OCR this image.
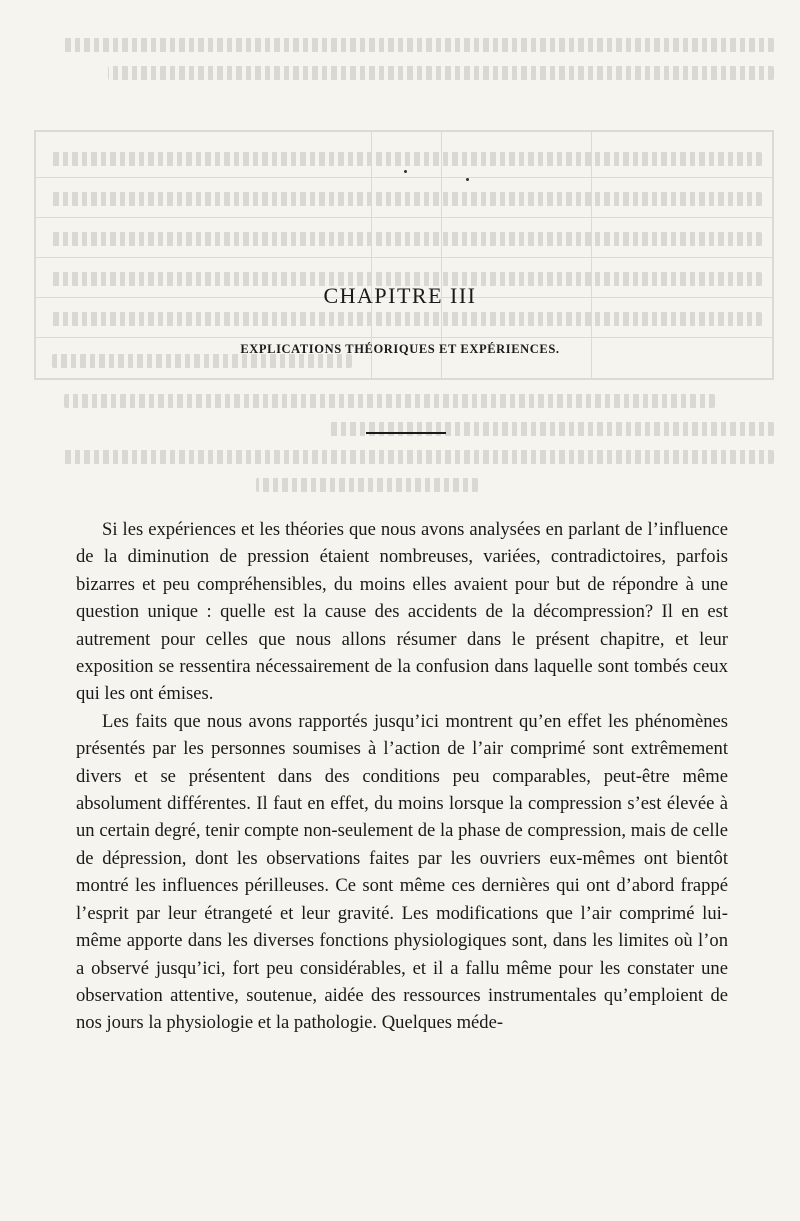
CHAPITRE III
EXPLICATIONS THÉORIQUES ET EXPÉRIENCES.

Si les expériences et les théories que nous avons analysées en parlant de l’influence de la diminution de pression étaient nombreuses, variées, contradictoires, parfois bizarres et peu compréhensibles, du moins elles avaient pour but de répondre à une question unique : quelle est la cause des accidents de la décompression? Il en est autrement pour celles que nous allons résumer dans le présent chapitre, et leur exposition se ressentira nécessairement de la confusion dans laquelle sont tombés ceux qui les ont émises.

Les faits que nous avons rapportés jusqu’ici montrent qu’en effet les phénomènes présentés par les personnes soumises à l’action de l’air comprimé sont extrêmement divers et se présentent dans des conditions peu comparables, peut-être même absolument différentes. Il faut en effet, du moins lorsque la compression s’est élevée à un certain degré, tenir compte non-seulement de la phase de compression, mais de celle de dépression, dont les observations faites par les ouvriers eux-mêmes ont bientôt montré les influences périlleuses. Ce sont même ces dernières qui ont d’abord frappé l’esprit par leur étrangeté et leur gravité. Les modifications que l’air comprimé lui-même apporte dans les diverses fonctions physiologiques sont, dans les limites où l’on a observé jusqu’ici, fort peu considérables, et il a fallu même pour les constater une observation attentive, soutenue, aidée des ressources instrumentales qu’emploient de nos jours la physiologie et la pathologie. Quelques méde-
